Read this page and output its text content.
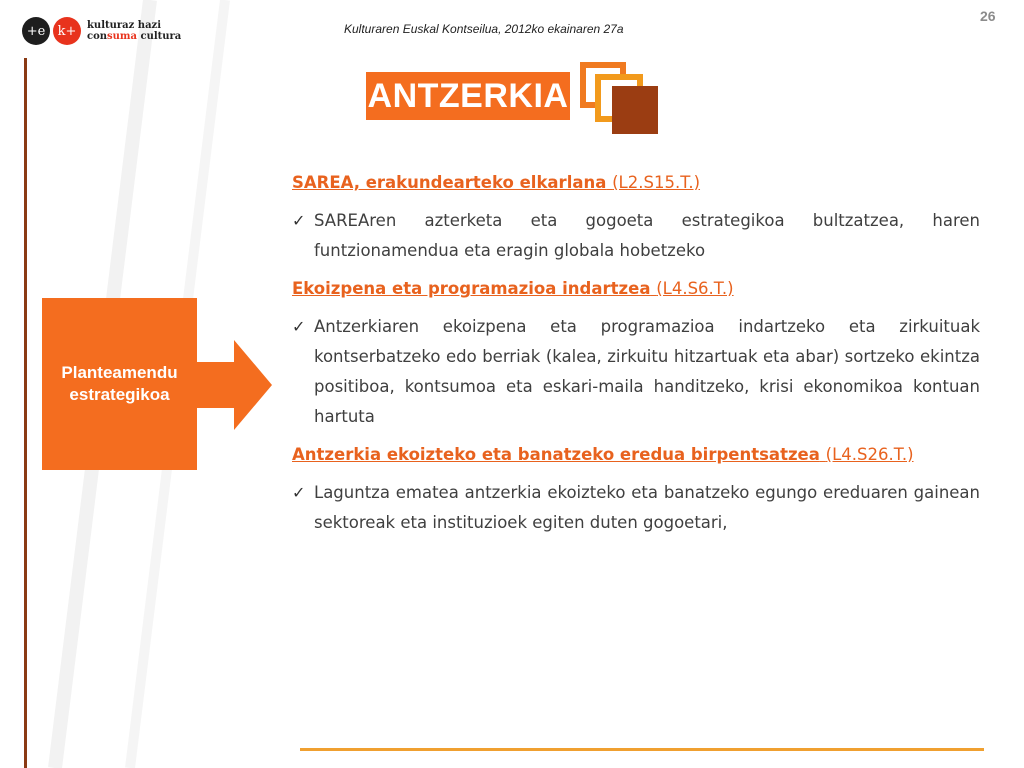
+e k+	kulturaz hazi
consuma cultura
Kulturaren Euskal Kontseilua, 2012ko ekainaren 27a
26
ANTZERKIA
Planteamendu
estrategikoa

SAREA, erakundearteko elkarlana (L2.S15.T.)

✓ SAREAren azterketa eta gogoeta estrategikoa bultzatzea, haren funtzionamendua eta eragin globala hobetzeko

Ekoizpena eta programazioa indartzea (L4.S6.T.)

✓ Antzerkiaren ekoizpena eta programazioa indartzeko eta zirkuituak kontserbatzeko edo berriak (kalea, zirkuitu hitzartuak eta abar) sortzeko ekintza positiboa, kontsumoa eta eskari-maila handitzeko, krisi ekonomikoa kontuan hartuta

Antzerkia ekoizteko eta banatzeko eredua birpentsatzea (L4.S26.T.)

✓ Laguntza ematea antzerkia ekoizteko eta banatzeko egungo ereduaren gainean sektoreak eta instituzioek egiten duten gogoetari,
